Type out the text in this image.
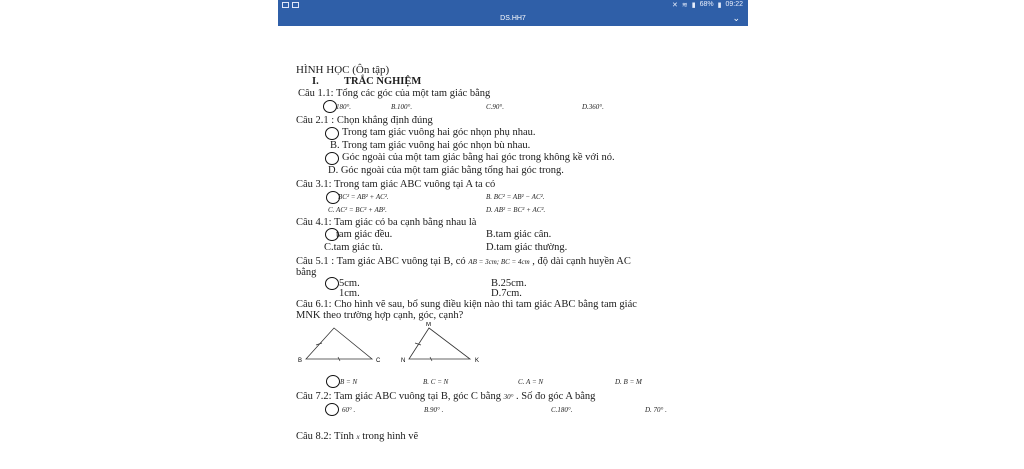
✕ ≋ ▮ 68% ▮ 09:22
DS.HH7	⌄
HÌNH HỌC (Ôn tập)
I. TRẮC NGHIỆM
Câu 1.1: Tổng các góc của một tam giác bằng
180°.	B.100°.	C.90°.	D.360°.
Câu 2.1 : Chọn khẳng định đúng
Trong tam giác vuông hai góc nhọn phụ nhau.
B. Trong tam giác vuông hai góc nhọn bù nhau.
Góc ngoài của một tam giác bằng hai góc trong không kề với nó.
D. Góc ngoài của một tam giác bằng tổng hai góc trong.
Câu 3.1: Trong tam giác ABC vuông tại A ta có
BC² = AB² + AC².	B. BC² = AB² − AC².
C. AC² = BC² + AB².	D. AB² = BC² + AC².
Câu 4.1: Tam giác có ba cạnh bằng nhau là
tam giác đều.	B.tam giác cân.
C.tam giác tù.	D.tam giác thường.
Câu 5.1 : Tam giác ABC vuông tại B, có AB = 3cm; BC = 4cm , độ dài cạnh huyền AC
bằng
5cm.	B.25cm.
1cm.	D.7cm.
Câu 6.1: Cho hình vẽ sau, bổ sung điều kiện nào thì tam giác ABC bằng tam giác
MNK theo trường hợp cạnh, góc, cạnh?
B	C
M
N	K
B = N	B. C = N	C. A = N	D. B = M
Câu 7.2: Tam giác ABC vuông tại B, góc C bằng 30° . Số đo góc A bằng
60° .	B.90° .	C.180°.	D. 70° .
Câu 8.2: Tính x trong hình vẽ
